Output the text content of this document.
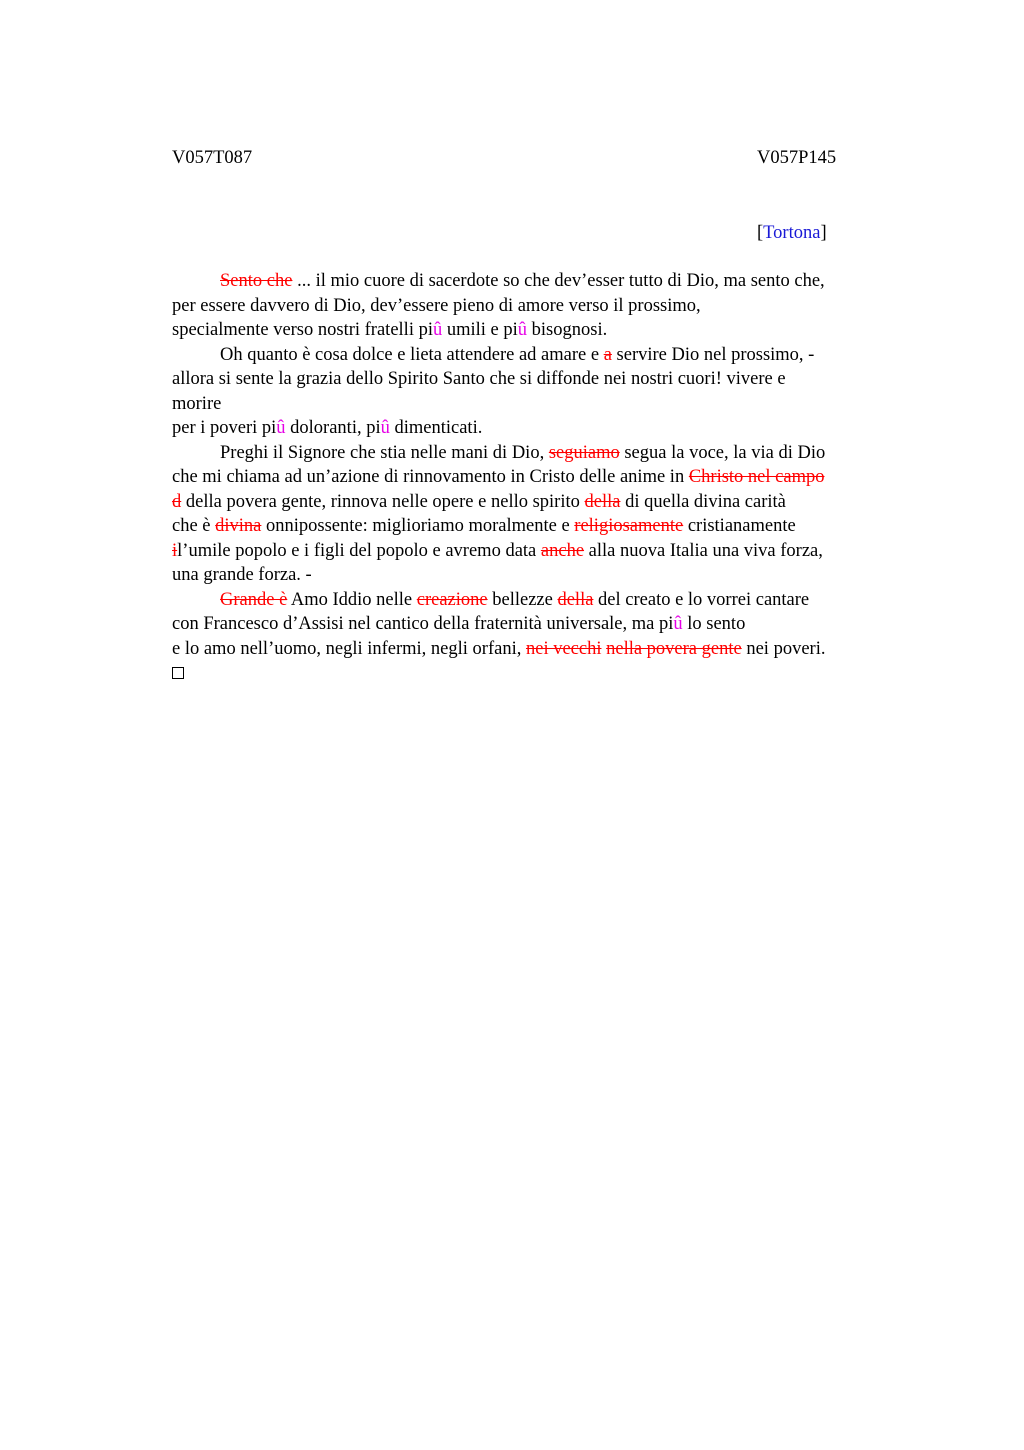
V057T087	V057P145
[Tortona]
Sento che ... il mio cuore di sacerdote so che dev’esser tutto di Dio, ma sento che,
per essere davvero di Dio, dev’essere pieno di amore verso il prossimo,
specialmente verso nostri fratelli piû umili e piû bisognosi.
Oh quanto è cosa dolce e lieta attendere ad amare e a servire Dio nel prossimo, -
allora si sente la grazia dello Spirito Santo che si diffonde nei nostri cuori! vivere e
morire
per i poveri piû doloranti, piû dimenticati.
Preghi il Signore che stia nelle mani di Dio, seguiamo segua la voce, la via di Dio
che mi chiama ad un’azione di rinnovamento in Cristo delle anime in Christo nel campo
d della povera gente, rinnova nelle opere e nello spirito della di quella divina carità
che è divina onnipossente: miglioriamo moralmente e religiosamente cristianamente
il’umile popolo e i figli del popolo e avremo data anche alla nuova Italia una viva forza,
una grande forza. -
Grande è Amo Iddio nelle creazione bellezze della del creato e lo vorrei cantare
con Francesco d’Assisi nel cantico della fraternità universale, ma piû lo sento
e lo amo nell’uomo, negli infermi, negli orfani, nei vecchi nella povera gente nei poveri.
